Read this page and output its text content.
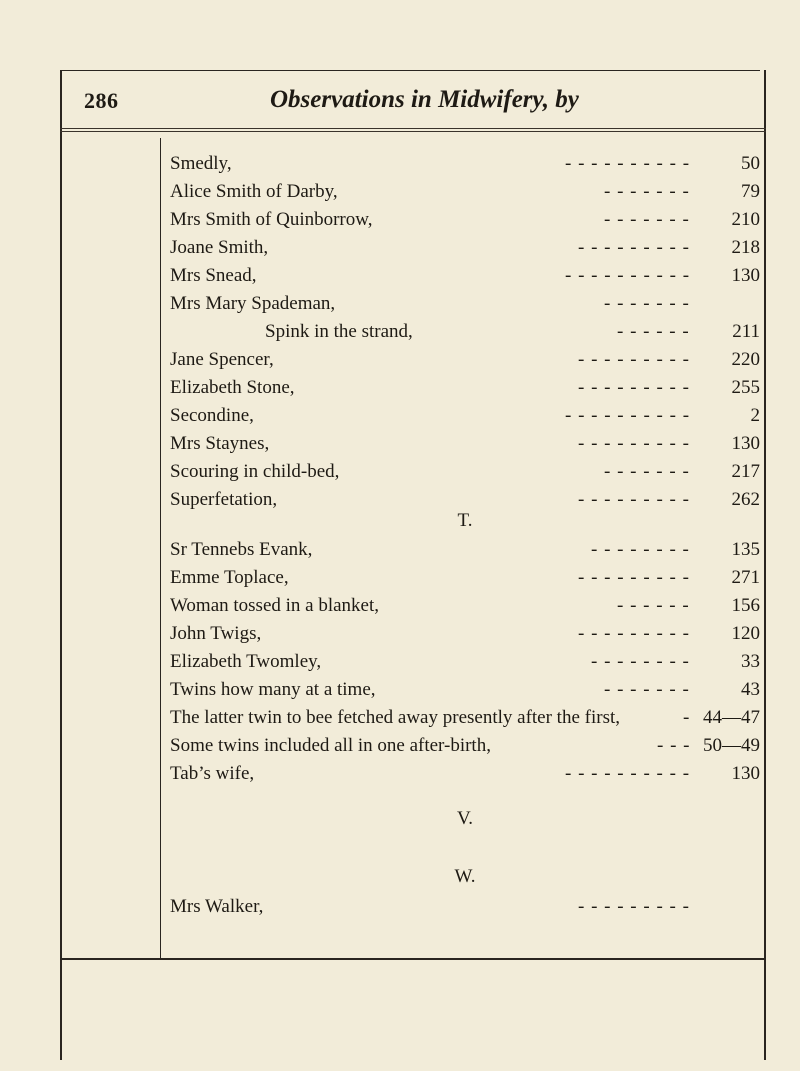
286	Observations in Midwifery, by
Smedly,	- - - - - - - - - -	50
Alice Smith of Darby,	- - - - - - -	79
Mrs Smith of Quinborrow,	- - - - - - -	210
Joane Smith,	- - - - - - - - -	218
Mrs Snead,	- - - - - - - - - -	130
Mrs Mary Spademan,	- - - - - - -
Spink in the strand,	- - - - - -	211
Jane Spencer,	- - - - - - - - -	220
Elizabeth Stone,	- - - - - - - - -	255
Secondine,	- - - - - - - - - -	2
Mrs Staynes,	- - - - - - - - -	130
Scouring in child-bed,	- - - - - - -	217
Superfetation,	- - - - - - - - -	262
T.
Sr Tennebs Evank,	- - - - - - - -	135
Emme Toplace,	- - - - - - - - -	271
Woman tossed in a blanket,	- - - - - -	156
John Twigs,	- - - - - - - - -	120
Elizabeth Twomley,	- - - - - - - -	33
Twins how many at a time,	- - - - - - -	43
The latter twin to bee fetched away presently after the first,	- 44—47
Some twins included all in one after-birth,	- - - 50—49
Tab’s wife,	- - - - - - - - - -	130
V.
W.
Mrs Walker,	- - - - - - - - -
